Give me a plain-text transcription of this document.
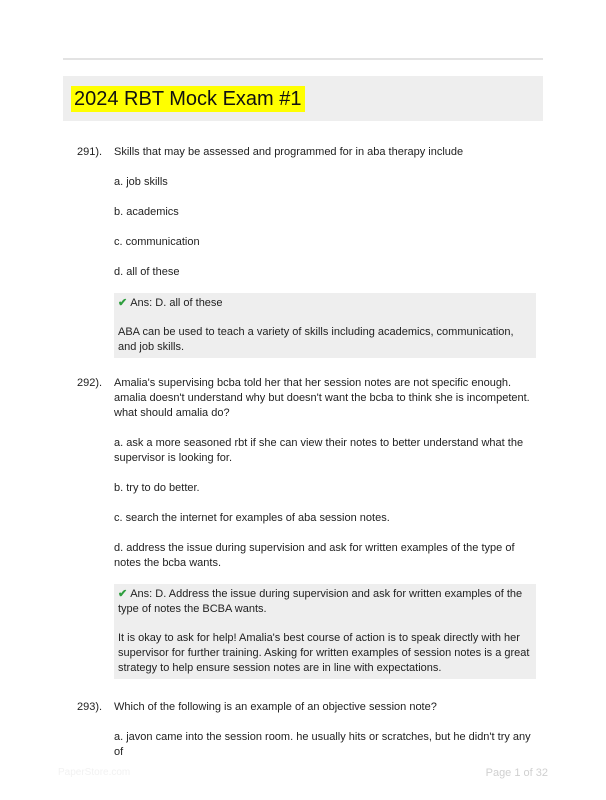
2024 RBT Mock Exam #1
291). Skills that may be assessed and programmed for in aba therapy include

a. job skills

b. academics

c. communication

d. all of these

✔ Ans: D. all of these

ABA can be used to teach a variety of skills including academics, communication, and job skills.

292). Amalia's supervising bcba told her that her session notes are not specific enough. amalia doesn't understand why but doesn't want the bcba to think she is incompetent. what should amalia do?

a. ask a more seasoned rbt if she can view their notes to better understand what the supervisor is looking for.

b. try to do better.

c. search the internet for examples of aba session notes.

d. address the issue during supervision and ask for written examples of the type of notes the bcba wants.

✔ Ans: D. Address the issue during supervision and ask for written examples of the type of notes the BCBA wants.

It is okay to ask for help! Amalia's best course of action is to speak directly with her supervisor for further training. Asking for written examples of session notes is a great strategy to help ensure session notes are in line with expectations.

293). Which of the following is an example of an objective session note?

a. javon came into the session room. he usually hits or scratches, but he didn't try any of

PaperStore.com	Page 1 of 32
